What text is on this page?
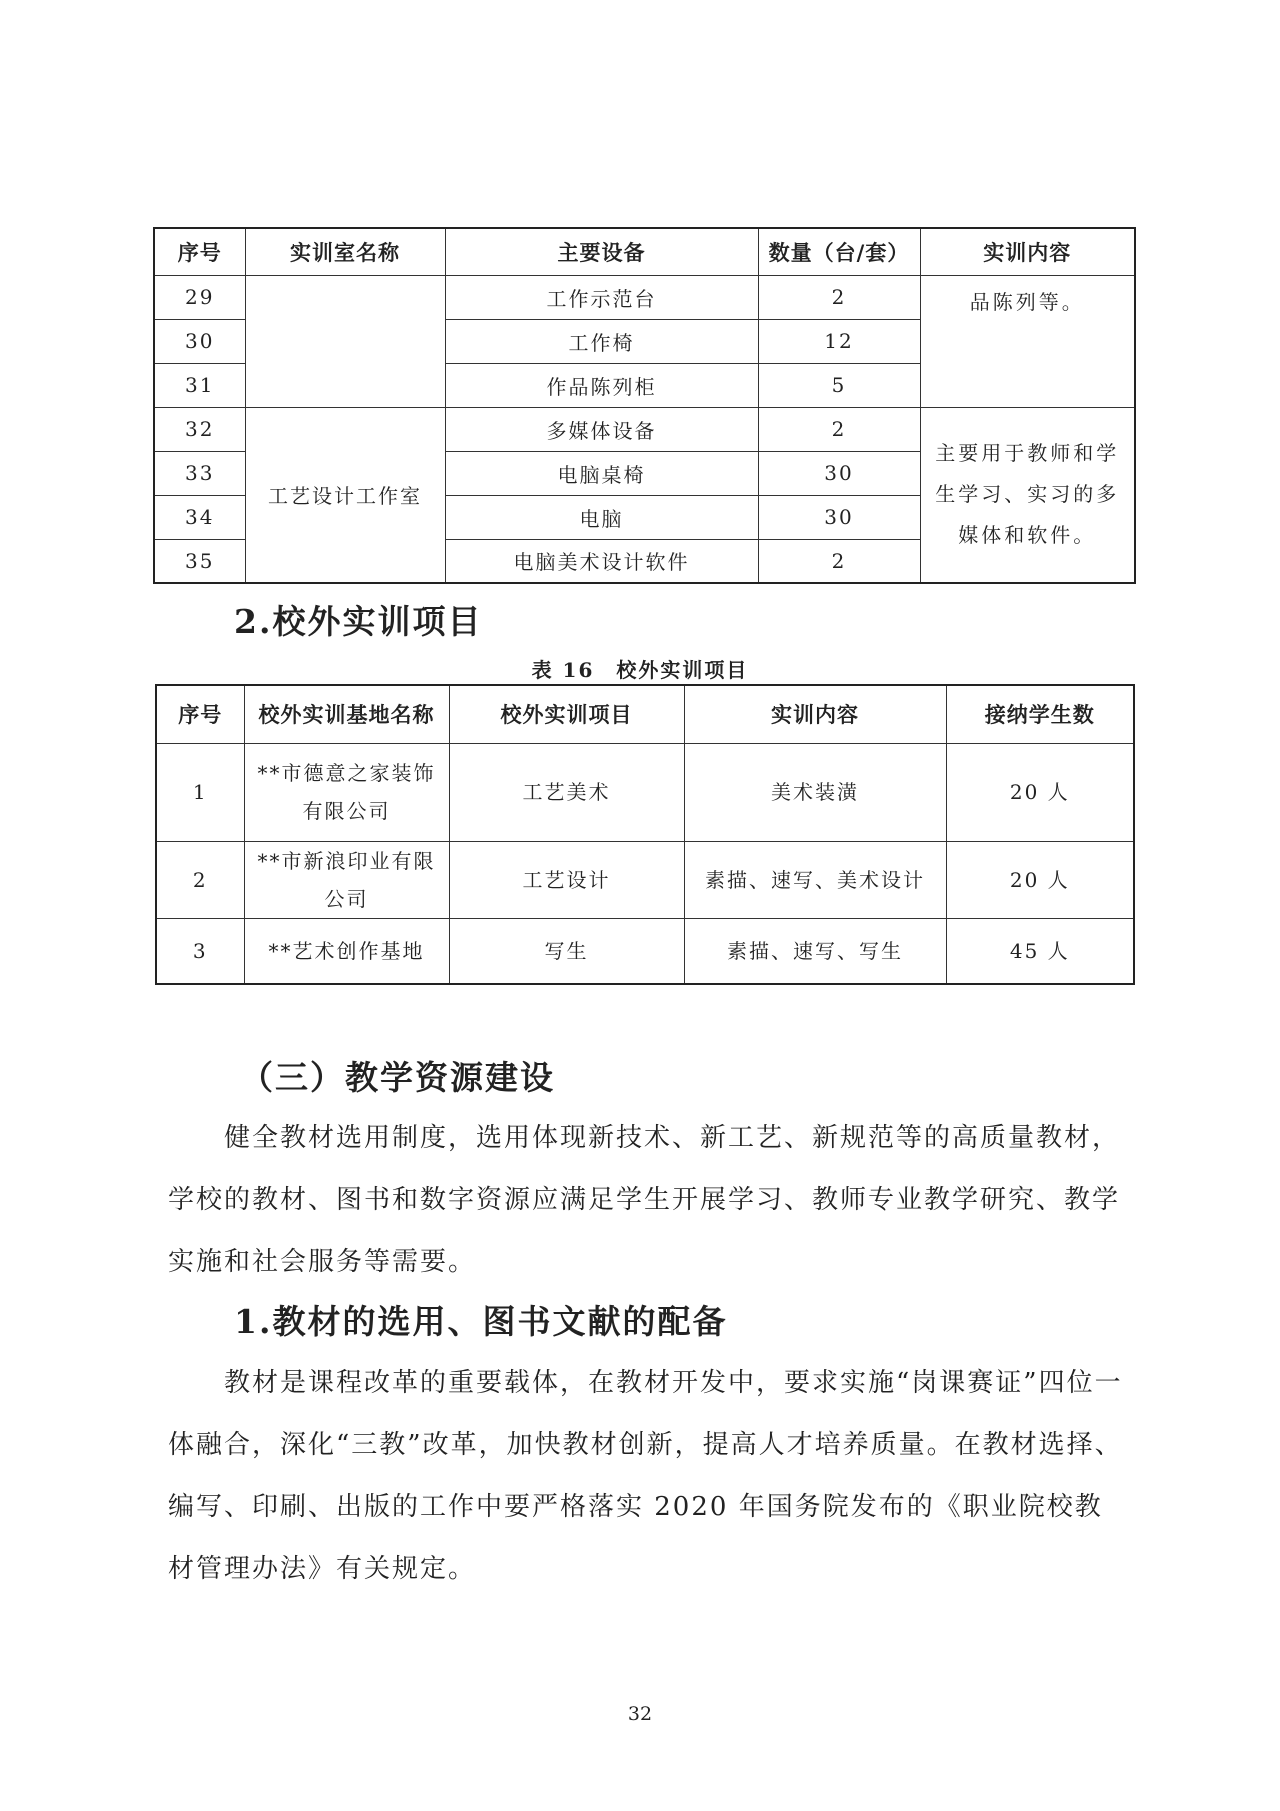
序号	实训室名称	主要设备	数量（台/套）	实训内容
29		工作示范台	2	品陈列等。
30		工作椅	12	
31		作品陈列柜	5	
32	工艺设计工作室	多媒体设备	2	主要用于教师和学生学习、实习的多媒体和软件。
33		电脑桌椅	30	
34		电脑	30	
35		电脑美术设计软件	2	
2.校外实训项目

表 16　校外实训项目

序号	校外实训基地名称	校外实训项目	实训内容	接纳学生数
1	**市德意之家装饰有限公司	工艺美术	美术装潢	20 人
2	**市新浪印业有限公司	工艺设计	素描、速写、美术设计	20 人
3	**艺术创作基地	写生	素描、速写、写生	45 人
（三）教学资源建设

健全教材选用制度，选用体现新技术、新工艺、新规范等的高质量教材，学校的教材、图书和数字资源应满足学生开展学习、教师专业教学研究、教学实施和社会服务等需要。

1.教材的选用、图书文献的配备

教材是课程改革的重要载体，在教材开发中，要求实施“岗课赛证”四位一体融合，深化“三教”改革，加快教材创新，提高人才培养质量。在教材选择、编写、印刷、出版的工作中要严格落实 2020 年国务院发布的《职业院校教材管理办法》有关规定。

32
